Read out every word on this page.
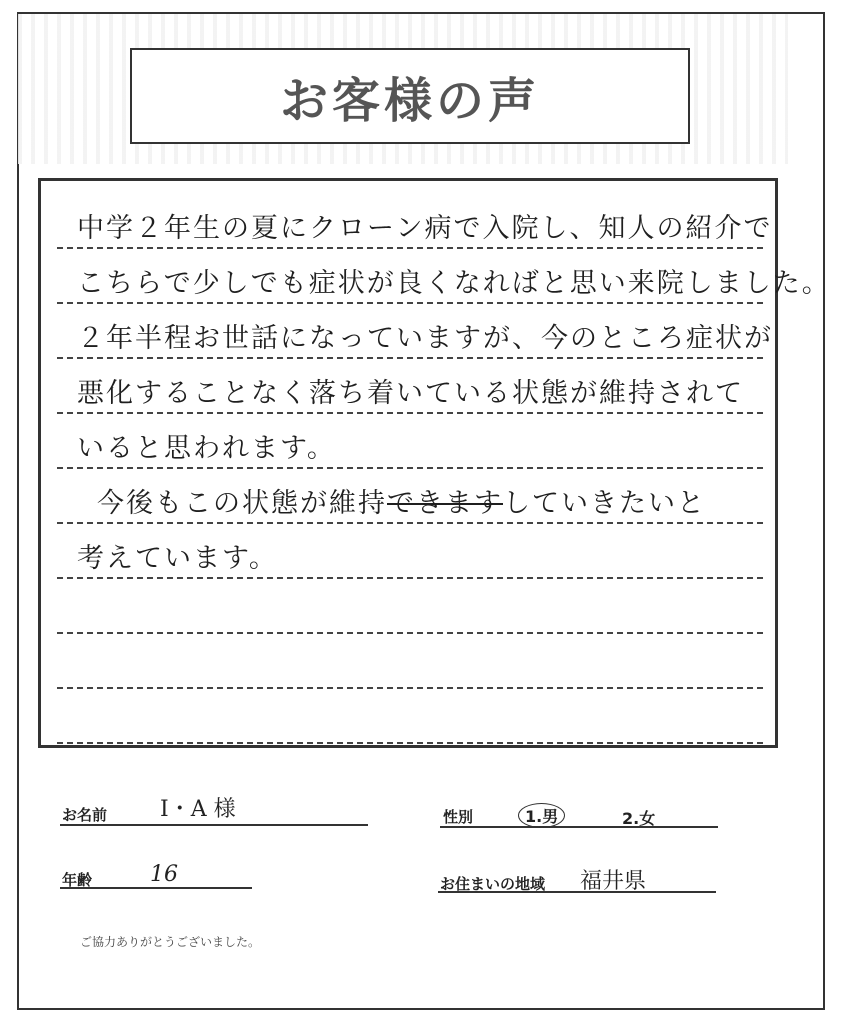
お客様の声
中学２年生の夏にクローン病で入院し、知人の紹介で
こちらで少しでも症状が良くなればと思い来院しました。
２年半程お世話になっていますが、今のところ症状が
悪化することなく落ち着いている状態が維持されて
いると思われます。
今後もこの状態が維持できますしていきたいと
考えています。
お名前 I・A 様	性別	1.男	2.女
年齢	16	お住まいの地域 福井県
ご協力ありがとうございました。
